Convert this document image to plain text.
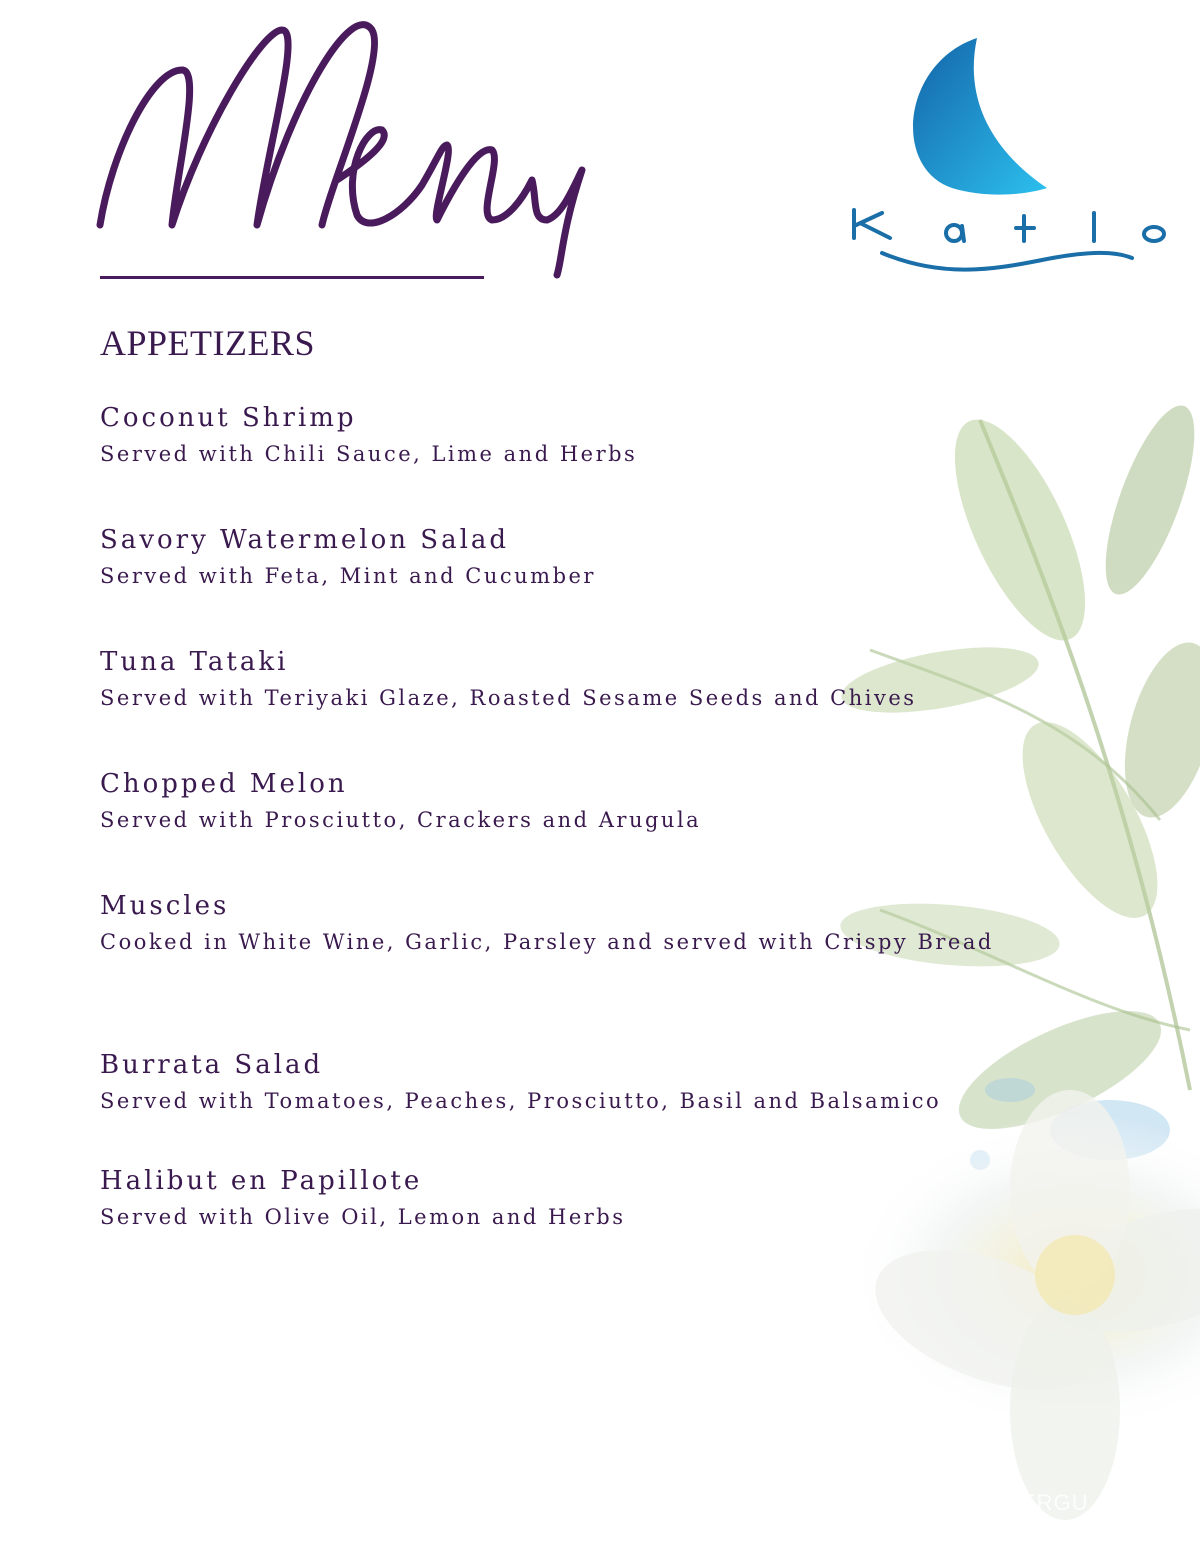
APPETIZERS
Coconut Shrimp
Served with Chili Sauce, Lime and Herbs
Savory Watermelon Salad
Served with Feta, Mint and Cucumber
Tuna Tataki
Served with Teriyaki Glaze, Roasted Sesame Seeds and Chives
Chopped Melon
Served with Prosciutto, Crackers and Arugula
Muscles
Cooked in White Wine, Garlic, Parsley and served with Crispy Bread
Burrata Salad
Served with Tomatoes, Peaches, Prosciutto, Basil and Balsamico
Halibut en Papillote
Served with Olive Oil, Lemon and Herbs
RTERGU
